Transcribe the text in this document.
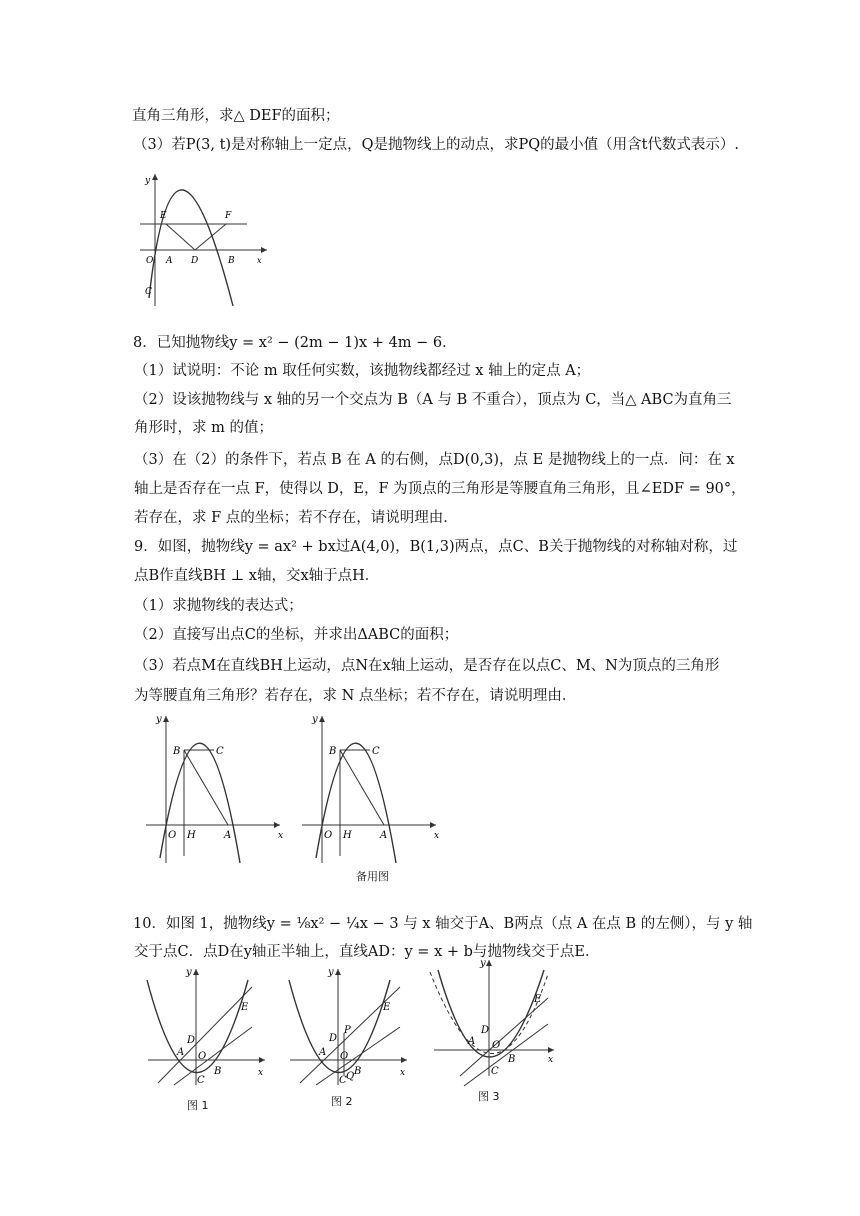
直角三角形，求△ DEF的面积；
（3）若P(3, t)是对称轴上一定点，Q是抛物线上的动点，求PQ的最小值（用含t代数式表示）.
y
E	F
O A D	B	x
C
8．已知抛物线y = x² − (2m − 1)x + 4m − 6．
（1）试说明：不论 m 取任何实数，该抛物线都经过 x 轴上的定点 A；
（2）设该抛物线与 x 轴的另一个交点为 B（A 与 B 不重合），顶点为 C，当△ ABC为直角三
角形时，求 m 的值；
（3）在（2）的条件下，若点 B 在 A 的右侧，点D(0,3)，点 E 是抛物线上的一点．问：在 x
轴上是否存在一点 F，使得以 D，E，F 为顶点的三角形是等腰直角三角形，且∠EDF = 90°，
若存在，求 F 点的坐标；若不存在，请说明理由．
9．如图，抛物线y = ax² + bx过A(4,0)，B(1,3)两点，点C、B关于抛物线的对称轴对称，过
点B作直线BH ⊥ x轴，交x轴于点H．
（1）求抛物线的表达式；
（2）直接写出点C的坐标，并求出ΔABC的面积；
（3）若点M在直线BH上运动，点N在x轴上运动，是否存在以点C、M、N为顶点的三角形
为等腰直角三角形？若存在，求 N 点坐标；若不存在，请说明理由．
y
B	C
O H	A	x
y
B	C
O H	A	x
备用图
10．如图 1，抛物线y = ⅛x² − ¼x − 3 与 x 轴交于A、B两点（点 A 在点 B 的左侧），与 y 轴
交于点C．点D在y轴正半轴上，直线AD：y = x + b与抛物线交于点E．
y
x
D
A O
B
C
E
图 1
y
x
D
P
A O
B
C Q
E
图 2
y
x
D
A O
B
C
E
图 3
